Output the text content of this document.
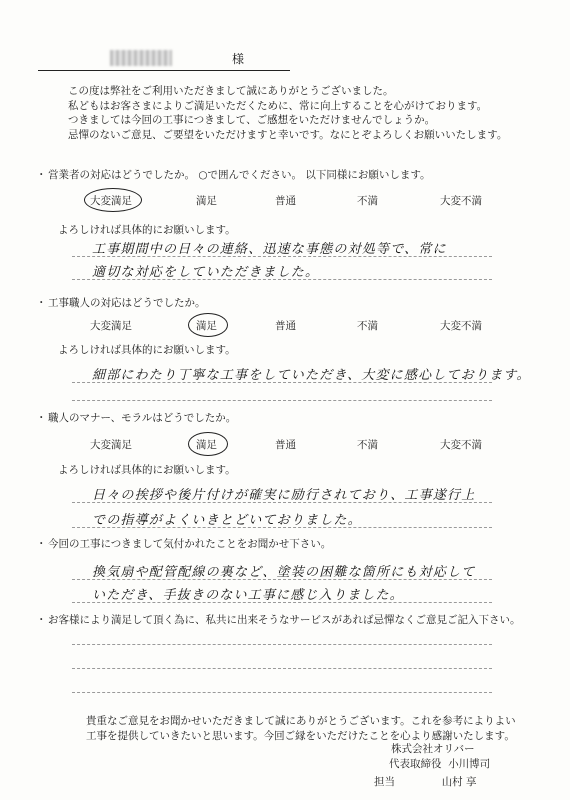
様
この度は弊社をご利用いただきまして誠にありがとうございました。
私どもはお客さまによりご満足いただくために、常に向上することを心がけております。
つきましては今回の工事につきまして、ご感想をいただけませんでしょうか。
忌憚のないご意見、ご要望をいただけますと幸いです。なにとぞよろしくお願いいたします。
・ 営業者の対応はどうでしたか。 ○で囲んでください。 以下同様にお願いします。
大変満足	満足	普通	不満	大変不満
よろしければ具体的にお願いします。
工事期間中の日々の連絡、迅速な事態の対処等で、常に
適切な対応をしていただきました。
・ 工事職人の対応はどうでしたか。
大変満足	満足	普通	不満	大変不満
よろしければ具体的にお願いします。
細部にわたり丁寧な工事をしていただき、大変に感心しております。
・ 職人のマナー、モラルはどうでしたか。
大変満足	満足	普通	不満	大変不満
よろしければ具体的にお願いします。
日々の挨拶や後片付けが確実に励行されており、工事遂行上
での指導がよくいきとどいておりました。
・ 今回の工事につきまして気付かれたことをお聞かせ下さい。
換気扇や配管配線の裏など、塗装の困難な箇所にも対応して
いただき、手抜きのない工事に感じ入りました。
・ お客様により満足して頂く為に、私共に出来そうなサービスがあれば忌憚なくご意見ご記入下さい。
貴重なご意見をお聞かせいただきまして誠にありがとうございます。これを参考によりよい
工事を提供していきたいと思います。今回ご縁をいただけたことを心より感謝いたします。
株式会社オリバー
代表取締役 小川博司
担当	山村 享
